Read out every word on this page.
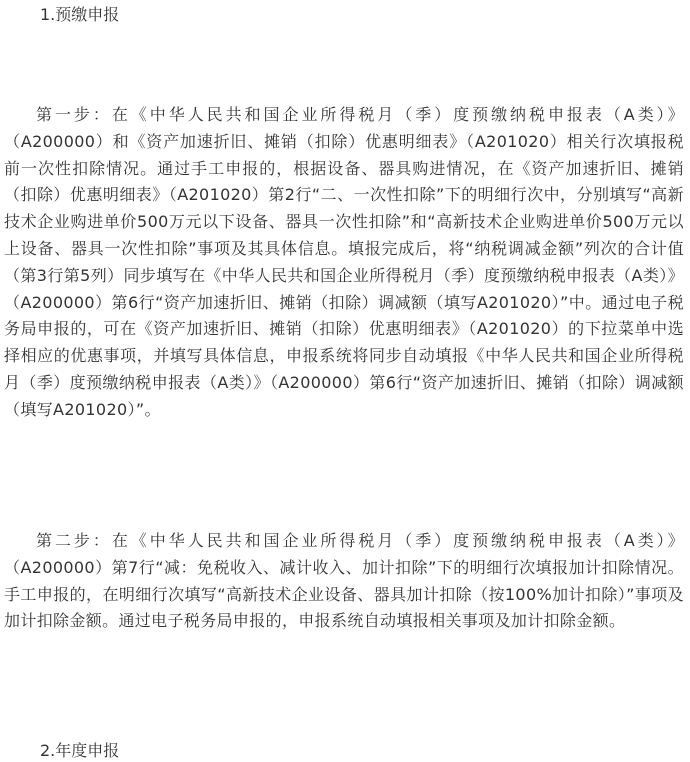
1.预缴申报

第一步：在《中华人民共和国企业所得税月（季）度预缴纳税申报表（A类）》（A200000）和《资产加速折旧、摊销（扣除）优惠明细表》（A201020）相关行次填报税前一次性扣除情况。通过手工申报的，根据设备、器具购进情况，在《资产加速折旧、摊销（扣除）优惠明细表》（A201020）第2行“二、一次性扣除”下的明细行次中，分别填写“高新技术企业购进单价500万元以下设备、器具一次性扣除”和“高新技术企业购进单价500万元以上设备、器具一次性扣除”事项及其具体信息。填报完成后，将“纳税调减金额”列次的合计值（第3行第5列）同步填写在《中华人民共和国企业所得税月（季）度预缴纳税申报表（A类）》（A200000）第6行“资产加速折旧、摊销（扣除）调减额（填写A201020）”中。通过电子税务局申报的，可在《资产加速折旧、摊销（扣除）优惠明细表》（A201020）的下拉菜单中选择相应的优惠事项，并填写具体信息，申报系统将同步自动填报《中华人民共和国企业所得税月（季）度预缴纳税申报表（A类）》（A200000）第6行“资产加速折旧、摊销（扣除）调减额（填写A201020）”。

第二步：在《中华人民共和国企业所得税月（季）度预缴纳税申报表（A类）》（A200000）第7行“减：免税收入、减计收入、加计扣除”下的明细行次填报加计扣除情况。手工申报的，在明细行次填写“高新技术企业设备、器具加计扣除（按100%加计扣除）”事项及加计扣除金额。通过电子税务局申报的，申报系统自动填报相关事项及加计扣除金额。

2.年度申报
